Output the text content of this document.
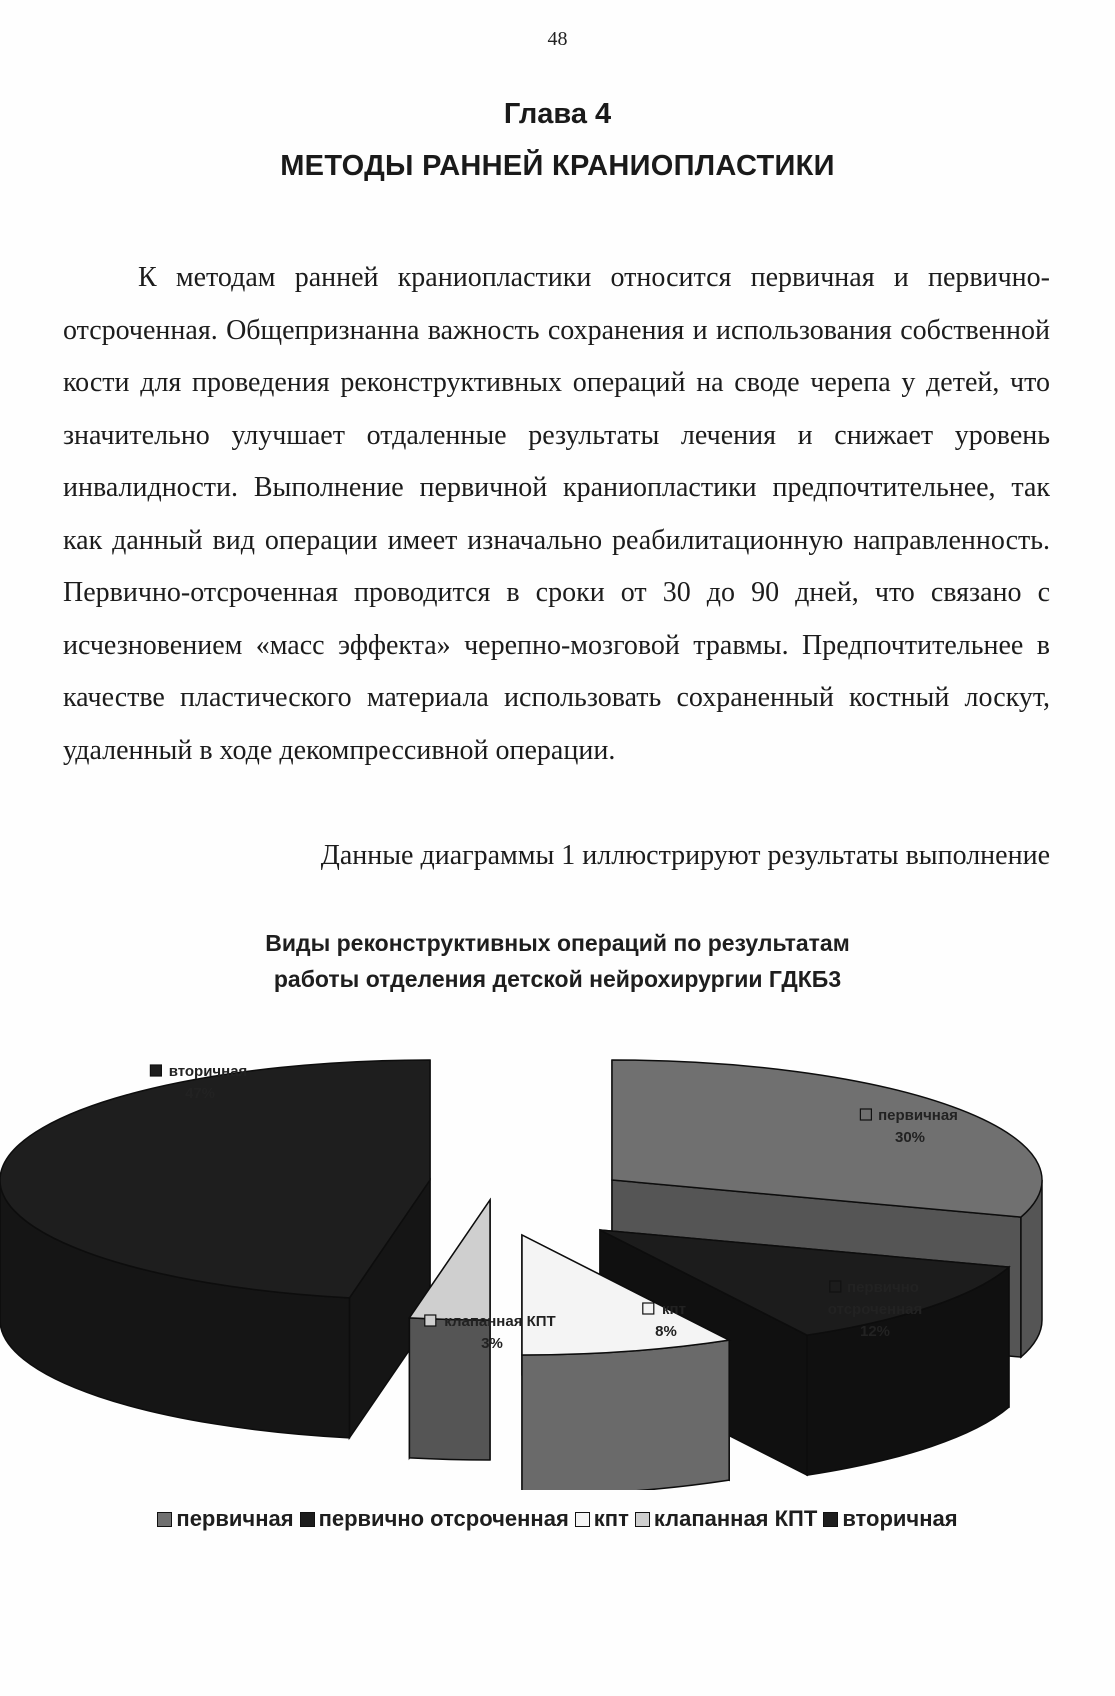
48
Глава 4
МЕТОДЫ РАННЕЙ КРАНИОПЛАСТИКИ

К методам ранней краниопластики относится первичная и первично-отсроченная. Общепризнанна важность сохранения и использования собственной кости для проведения реконструктивных операций на своде черепа у детей, что значительно улучшает отдаленные результаты лечения и снижает уровень инвалидности. Выполнение первичной краниопластики предпочтительнее, так как данный вид операции имеет изначально реабилитационную направленность. Первично-отсроченная проводится в сроки от 30 до 90 дней, что связано с исчезновением «масс эффекта» черепно-мозговой травмы. Предпочтительнее в качестве пластического материала использовать сохраненный костный лоскут, удаленный в ходе декомпрессивной операции.

Данные диаграммы 1 иллюстрируют результаты выполнение

Виды реконструктивных операций по результатам
работы отделения детской нейрохирургии ГДКБ3
первичная
30%
первично
отсроченная
12%
кпт
8%
клапанная КПТ
3%
вторичная
47%
первичная первично отсроченная кпт клапанная КПТ вторичная
